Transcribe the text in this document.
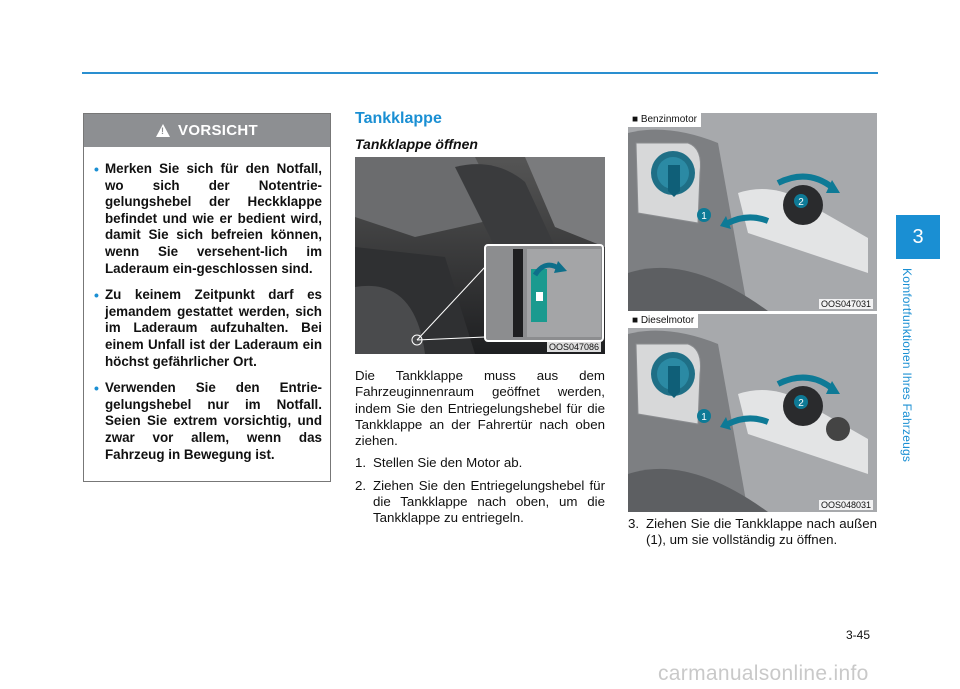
!
VORSICHT
• Merken Sie sich für den Notfall, wo sich der Notentrie-gelungshebel der Heckklappe befindet und wie er bedient wird, damit Sie sich befreien können, wenn Sie versehent-lich im Laderaum ein-geschlossen sind.
• Zu keinem Zeitpunkt darf es jemandem gestattet werden, sich im Laderaum aufzuhalten. Bei einem Unfall ist der Laderaum ein höchst gefährlicher Ort.
• Verwenden Sie den Entrie-gelungshebel nur im Notfall. Seien Sie extrem vorsichtig, und zwar vor allem, wenn das Fahrzeug in Bewegung ist.
Tankklappe
Tankklappe öffnen
OOS047086

Die Tankklappe muss aus dem Fahrzeuginnenraum geöffnet werden, indem Sie den Entriegelungshebel für die Tankklappe an der Fahrertür nach oben ziehen.

1. Stellen Sie den Motor ab.
2. Ziehen Sie den Entriegelungshebel für die Tankklappe nach oben, um die Tankklappe zu entriegeln.
■ Benzinmotor
1
2
OOS047031
■ Dieselmotor
1
2
OOS048031
3. Ziehen Sie die Tankklappe nach außen (1), um sie vollständig zu öffnen.
3
Komfortfunktionen Ihres Fahrzeugs
3-45
carmanualsonline.info
